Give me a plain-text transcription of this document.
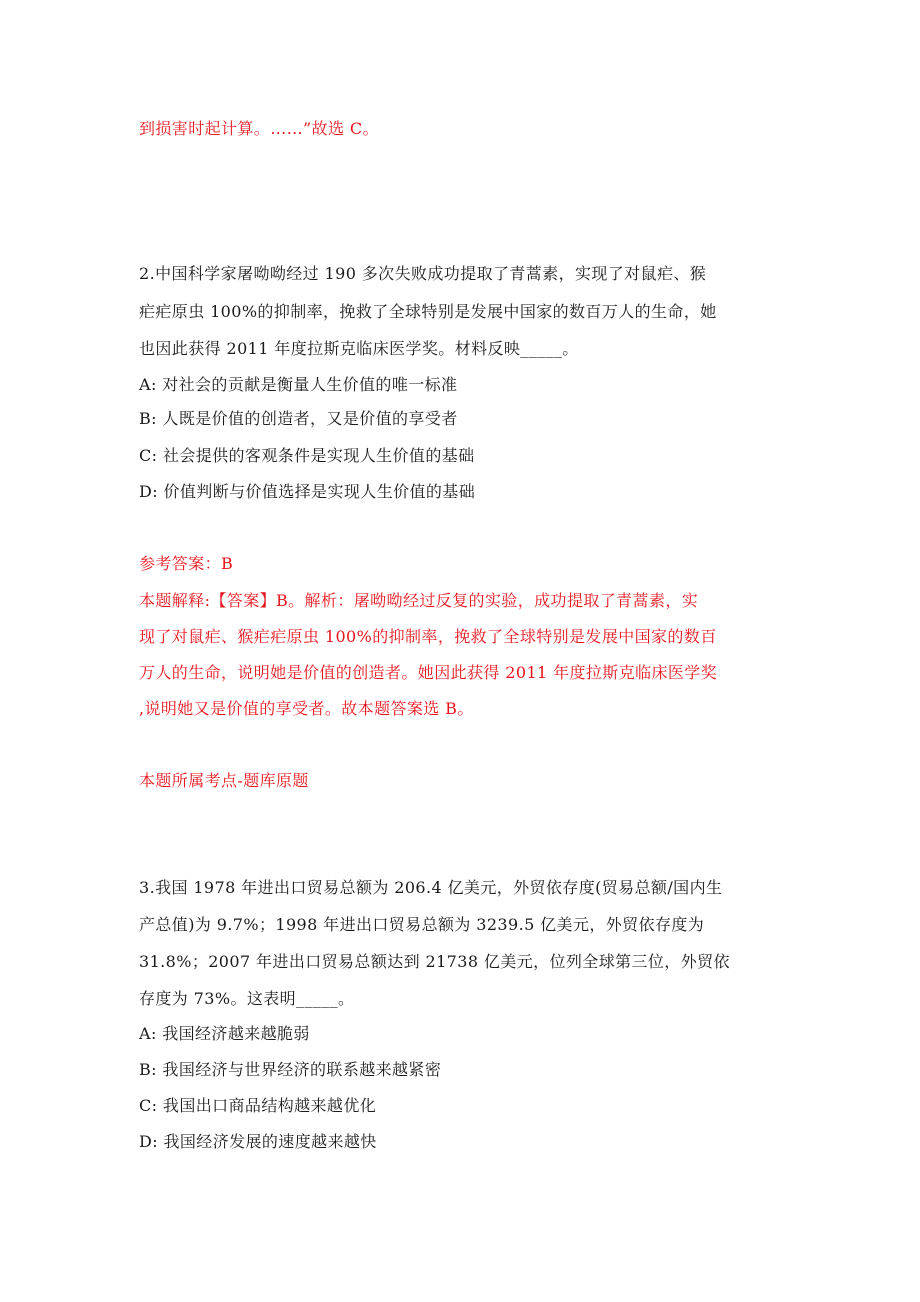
到损害时起计算。……”故选 C。
2.中国科学家屠呦呦经过 190 多次失败成功提取了青蒿素，实现了对鼠疟、猴
疟疟原虫 100%的抑制率，挽救了全球特别是发展中国家的数百万人的生命，她
也因此获得 2011 年度拉斯克临床医学奖。材料反映_____。
A: 对社会的贡献是衡量人生价值的唯一标准
B: 人既是价值的创造者，又是价值的享受者
C: 社会提供的客观条件是实现人生价值的基础
D: 价值判断与价值选择是实现人生价值的基础
参考答案：B
本题解释:【答案】B。解析：屠呦呦经过反复的实验，成功提取了青蒿素，实
现了对鼠疟、猴疟疟原虫 100%的抑制率，挽救了全球特别是发展中国家的数百
万人的生命，说明她是价值的创造者。她因此获得 2011 年度拉斯克临床医学奖
,说明她又是价值的享受者。故本题答案选 B。
本题所属考点-题库原题
3.我国 1978 年进出口贸易总额为 206.4 亿美元，外贸依存度(贸易总额/国内生
产总值)为 9.7%；1998 年进出口贸易总额为 3239.5 亿美元，外贸依存度为
31.8%；2007 年进出口贸易总额达到 21738 亿美元，位列全球第三位，外贸依
存度为 73%。这表明_____。
A: 我国经济越来越脆弱
B: 我国经济与世界经济的联系越来越紧密
C: 我国出口商品结构越来越优化
D: 我国经济发展的速度越来越快
